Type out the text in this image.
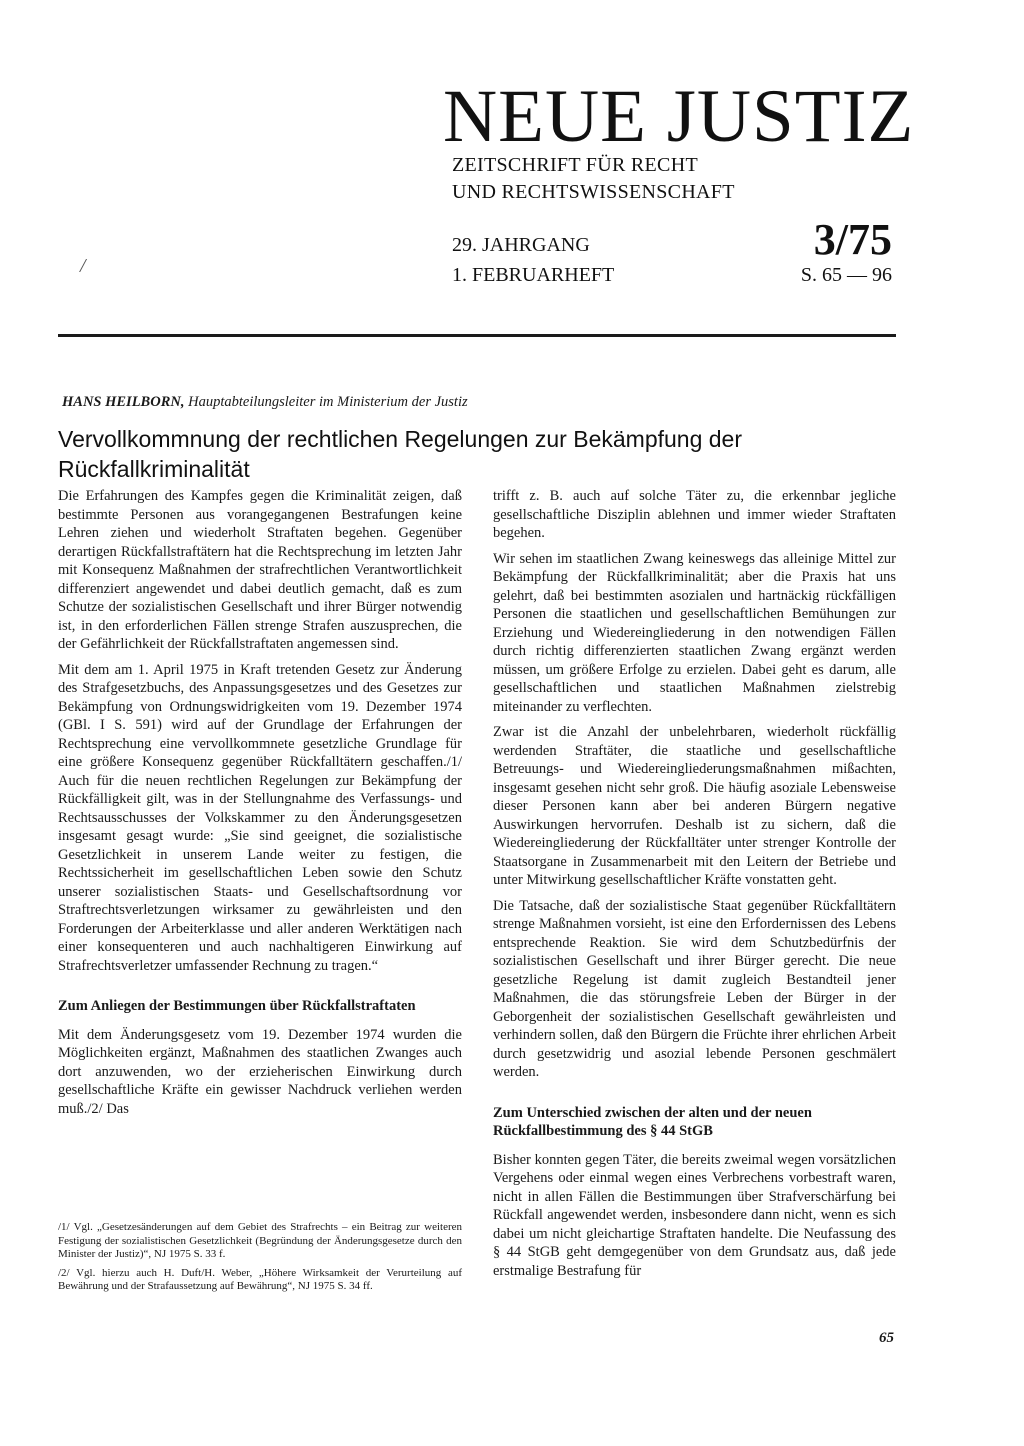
NEUE JUSTIZ
ZEITSCHRIFT FÜR RECHT
UND RECHTSWISSENSCHAFT
29. JAHRGANG
1. FEBRUARHEFT
3/75
S. 65 — 96
/
HANS HEILBORN, Hauptabteilungsleiter im Ministerium der Justiz
Vervollkommnung der rechtlichen Regelungen zur Bekämpfung der Rückfallkriminalität

Die Erfahrungen des Kampfes gegen die Kriminalität zeigen, daß bestimmte Personen aus vorangegangenen Bestrafungen keine Lehren ziehen und wiederholt Straftaten begehen. Gegenüber derartigen Rückfallstraftätern hat die Rechtsprechung im letzten Jahr mit Konsequenz Maßnahmen der strafrechtlichen Verantwortlichkeit differenziert angewendet und dabei deutlich gemacht, daß es zum Schutze der sozialistischen Gesellschaft und ihrer Bürger notwendig ist, in den erforderlichen Fällen strenge Strafen auszusprechen, die der Gefährlichkeit der Rückfallstraftaten angemessen sind.

Mit dem am 1. April 1975 in Kraft tretenden Gesetz zur Änderung des Strafgesetzbuchs, des Anpassungsgesetzes und des Gesetzes zur Bekämpfung von Ordnungswidrigkeiten vom 19. Dezember 1974 (GBl. I S. 591) wird auf der Grundlage der Erfahrungen der Rechtsprechung eine vervollkommnete gesetzliche Grundlage für eine größere Konsequenz gegenüber Rückfalltätern geschaffen./1/ Auch für die neuen rechtlichen Regelungen zur Bekämpfung der Rückfälligkeit gilt, was in der Stellungnahme des Verfassungs- und Rechtsausschusses der Volkskammer zu den Änderungsgesetzen insgesamt gesagt wurde: „Sie sind geeignet, die sozialistische Gesetzlichkeit in unserem Lande weiter zu festigen, die Rechtssicherheit im gesellschaftlichen Leben sowie den Schutz unserer sozialistischen Staats- und Gesellschaftsordnung vor Straftrechtsverletzungen wirksamer zu gewährleisten und den Forderungen der Arbeiterklasse und aller anderen Werktätigen nach einer konsequenteren und auch nachhaltigeren Einwirkung auf Strafrechtsverletzer umfassender Rechnung zu tragen.“

Zum Anliegen der Bestimmungen über Rückfallstraftaten

Mit dem Änderungsgesetz vom 19. Dezember 1974 wurden die Möglichkeiten ergänzt, Maßnahmen des staatlichen Zwanges auch dort anzuwenden, wo der erzieherischen Einwirkung durch gesellschaftliche Kräfte ein gewisser Nachdruck verliehen werden muß./2/ Das

/1/ Vgl. „Gesetzesänderungen auf dem Gebiet des Strafrechts – ein Beitrag zur weiteren Festigung der sozialistischen Gesetzlichkeit (Begründung der Änderungsgesetze durch den Minister der Justiz)“, NJ 1975 S. 33 f.

/2/ Vgl. hierzu auch H. Duft/H. Weber, „Höhere Wirksamkeit der Verurteilung auf Bewährung und der Strafaussetzung auf Bewährung“, NJ 1975 S. 34 ff.

trifft z. B. auch auf solche Täter zu, die erkennbar jegliche gesellschaftliche Disziplin ablehnen und immer wieder Straftaten begehen.

Wir sehen im staatlichen Zwang keineswegs das alleinige Mittel zur Bekämpfung der Rückfallkriminalität; aber die Praxis hat uns gelehrt, daß bei bestimmten asozialen und hartnäckig rückfälligen Personen die staatlichen und gesellschaftlichen Bemühungen zur Erziehung und Wiedereingliederung in den notwendigen Fällen durch richtig differenzierten staatlichen Zwang ergänzt werden müssen, um größere Erfolge zu erzielen. Dabei geht es darum, alle gesellschaftlichen und staatlichen Maßnahmen zielstrebig miteinander zu verflechten.

Zwar ist die Anzahl der unbelehrbaren, wiederholt rückfällig werdenden Straftäter, die staatliche und gesellschaftliche Betreuungs- und Wiedereingliederungsmaßnahmen mißachten, insgesamt gesehen nicht sehr groß. Die häufig asoziale Lebensweise dieser Personen kann aber bei anderen Bürgern negative Auswirkungen hervorrufen. Deshalb ist zu sichern, daß die Wiedereingliederung der Rückfalltäter unter strenger Kontrolle der Staatsorgane in Zusammenarbeit mit den Leitern der Betriebe und unter Mitwirkung gesellschaftlicher Kräfte vonstatten geht.

Die Tatsache, daß der sozialistische Staat gegenüber Rückfalltätern strenge Maßnahmen vorsieht, ist eine den Erfordernissen des Lebens entsprechende Reaktion. Sie wird dem Schutzbedürfnis der sozialistischen Gesellschaft und ihrer Bürger gerecht. Die neue gesetzliche Regelung ist damit zugleich Bestandteil jener Maßnahmen, die das störungsfreie Leben der Bürger in der Geborgenheit der sozialistischen Gesellschaft gewährleisten und verhindern sollen, daß den Bürgern die Früchte ihrer ehrlichen Arbeit durch gesetzwidrig und asozial lebende Personen geschmälert werden.

Zum Unterschied zwischen der alten und der neuen Rückfallbestimmung des § 44 StGB

Bisher konnten gegen Täter, die bereits zweimal wegen vorsätzlichen Vergehens oder einmal wegen eines Verbrechens vorbestraft waren, nicht in allen Fällen die Bestimmungen über Strafverschärfung bei Rückfall angewendet werden, insbesondere dann nicht, wenn es sich dabei um nicht gleichartige Straftaten handelte. Die Neufassung des § 44 StGB geht demgegenüber von dem Grundsatz aus, daß jede erstmalige Bestrafung für

65
